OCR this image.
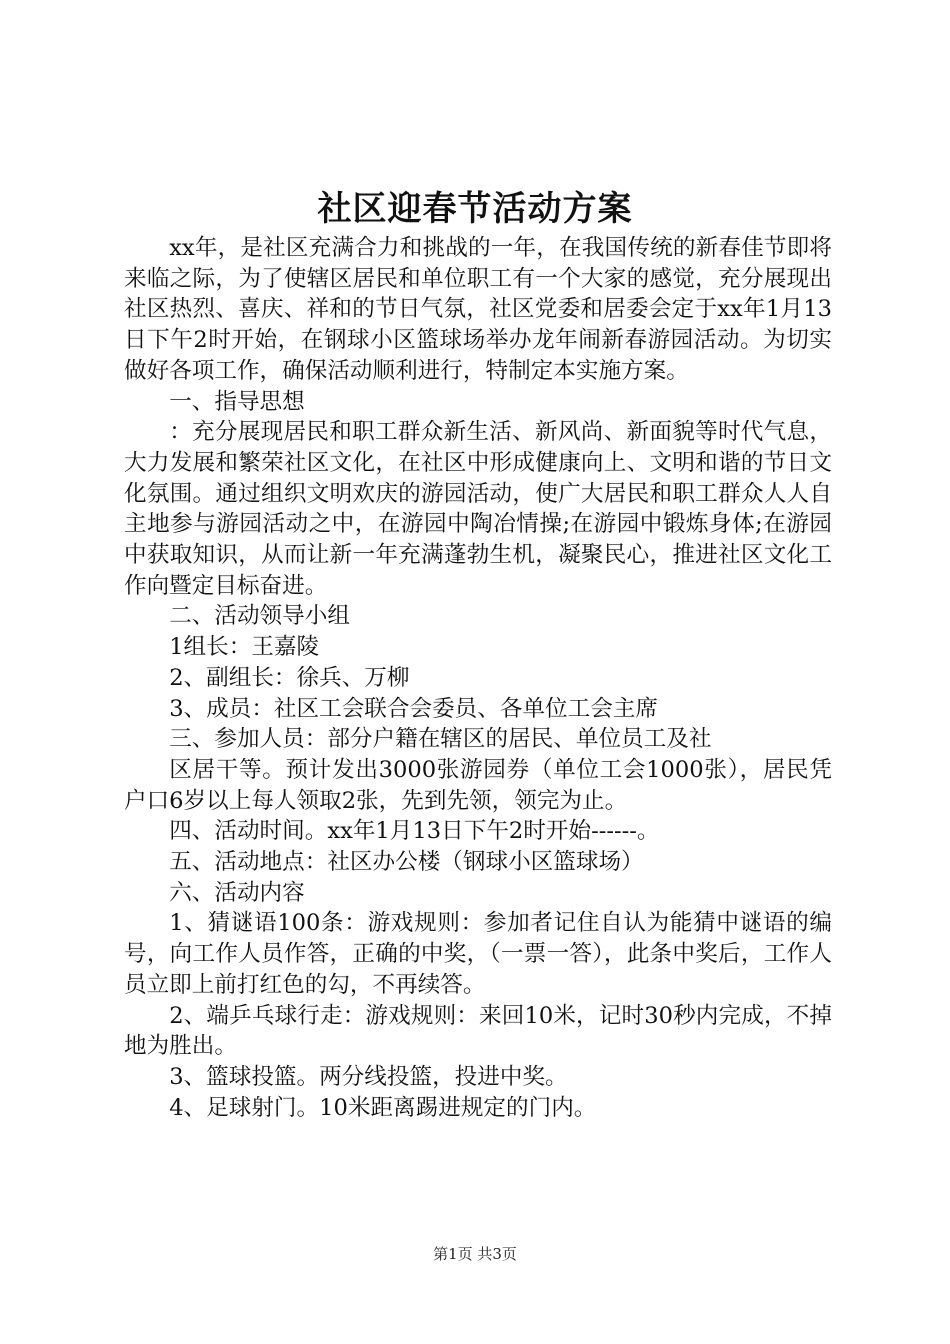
社区迎春节活动方案

xx年，是社区充满合力和挑战的一年，在我国传统的新春佳节即将来临之际，为了使辖区居民和单位职工有一个大家的感觉，充分展现出社区热烈、喜庆、祥和的节日气氛，社区党委和居委会定于xx年1月13日下午2时开始，在钢球小区篮球场举办龙年闹新春游园活动。为切实做好各项工作，确保活动顺利进行，特制定本实施方案。

一、指导思想

：充分展现居民和职工群众新生活、新风尚、新面貌等时代气息，大力发展和繁荣社区文化，在社区中形成健康向上、文明和谐的节日文化氛围。通过组织文明欢庆的游园活动，使广大居民和职工群众人人自主地参与游园活动之中，在游园中陶冶情操;在游园中锻炼身体;在游园中获取知识，从而让新一年充满蓬勃生机，凝聚民心，推进社区文化工作向暨定目标奋进。

二、活动领导小组

1组长：王嘉陵

2、副组长：徐兵、万柳

3、成员：社区工会联合会委员、各单位工会主席

三、参加人员：部分户籍在辖区的居民、单位员工及社

区居干等。预计发出3000张游园券（单位工会1000张），居民凭户口6岁以上每人领取2张，先到先领，领完为止。

四、活动时间。xx年1月13日下午2时开始------。

五、活动地点：社区办公楼（钢球小区篮球场）

六、活动内容

1、猜谜语100条：游戏规则：参加者记住自认为能猜中谜语的编号，向工作人员作答，正确的中奖，（一票一答），此条中奖后，工作人员立即上前打红色的勾，不再续答。

2、端乒乓球行走：游戏规则：来回10米，记时30秒内完成，不掉地为胜出。

3、篮球投篮。两分线投篮，投进中奖。

4、足球射门。10米距离踢进规定的门内。

第1页 共3页
